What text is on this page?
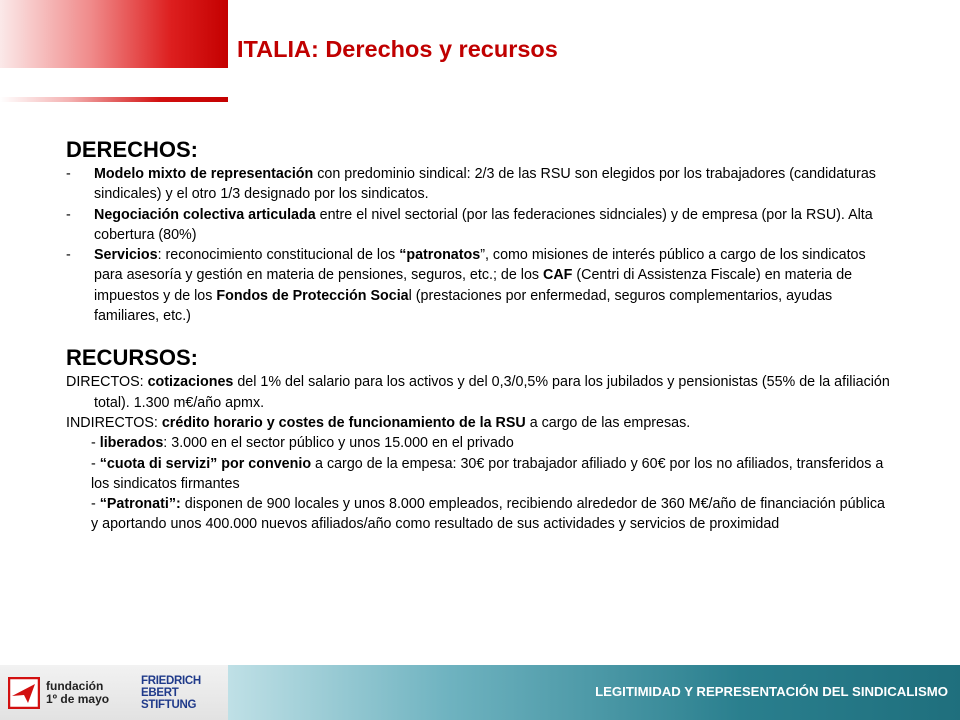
ITALIA: Derechos y recursos
DERECHOS:
-	Modelo mixto de representación con predominio sindical: 2/3 de las RSU son elegidos por los trabajadores (candidaturas sindicales) y el otro 1/3 designado por los sindicatos.
-	Negociación colectiva articulada entre el nivel sectorial (por las federaciones sidnciales) y de empresa (por la RSU). Alta cobertura (80%)
-	Servicios: reconocimiento constitucional de los “patronatos”, como misiones de interés público a cargo de los sindicatos para asesoría y gestión en materia de pensiones, seguros, etc.; de los CAF (Centri di Assistenza Fiscale) en materia de impuestos y de los Fondos de Protección Social (prestaciones por enfermedad, seguros complementarios, ayudas familiares, etc.)
RECURSOS:
DIRECTOS: cotizaciones del 1% del salario para los activos y del 0,3/0,5% para los jubilados y pensionistas (55% de la afiliación total). 1.300 m€/año apmx.
INDIRECTOS: crédito horario y costes de funcionamiento de la RSU a cargo de las empresas.
- liberados: 3.000 en el sector público y unos 15.000 en el privado
- “cuota di servizi” por convenio a cargo de la empesa: 30€ por trabajador afiliado y 60€ por los no afiliados, transferidos a los sindicatos firmantes
- “Patronati”: disponen de 900 locales y unos 8.000 empleados, recibiendo alrededor de 360 M€/año de financiación pública y aportando unos 400.000 nuevos afiliados/año como resultado de sus actividades y servicios de proximidad
fundación
1º de mayo
FRIEDRICH
EBERT
STIFTUNG
LEGITIMIDAD Y REPRESENTACIÓN DEL SINDICALISMO
